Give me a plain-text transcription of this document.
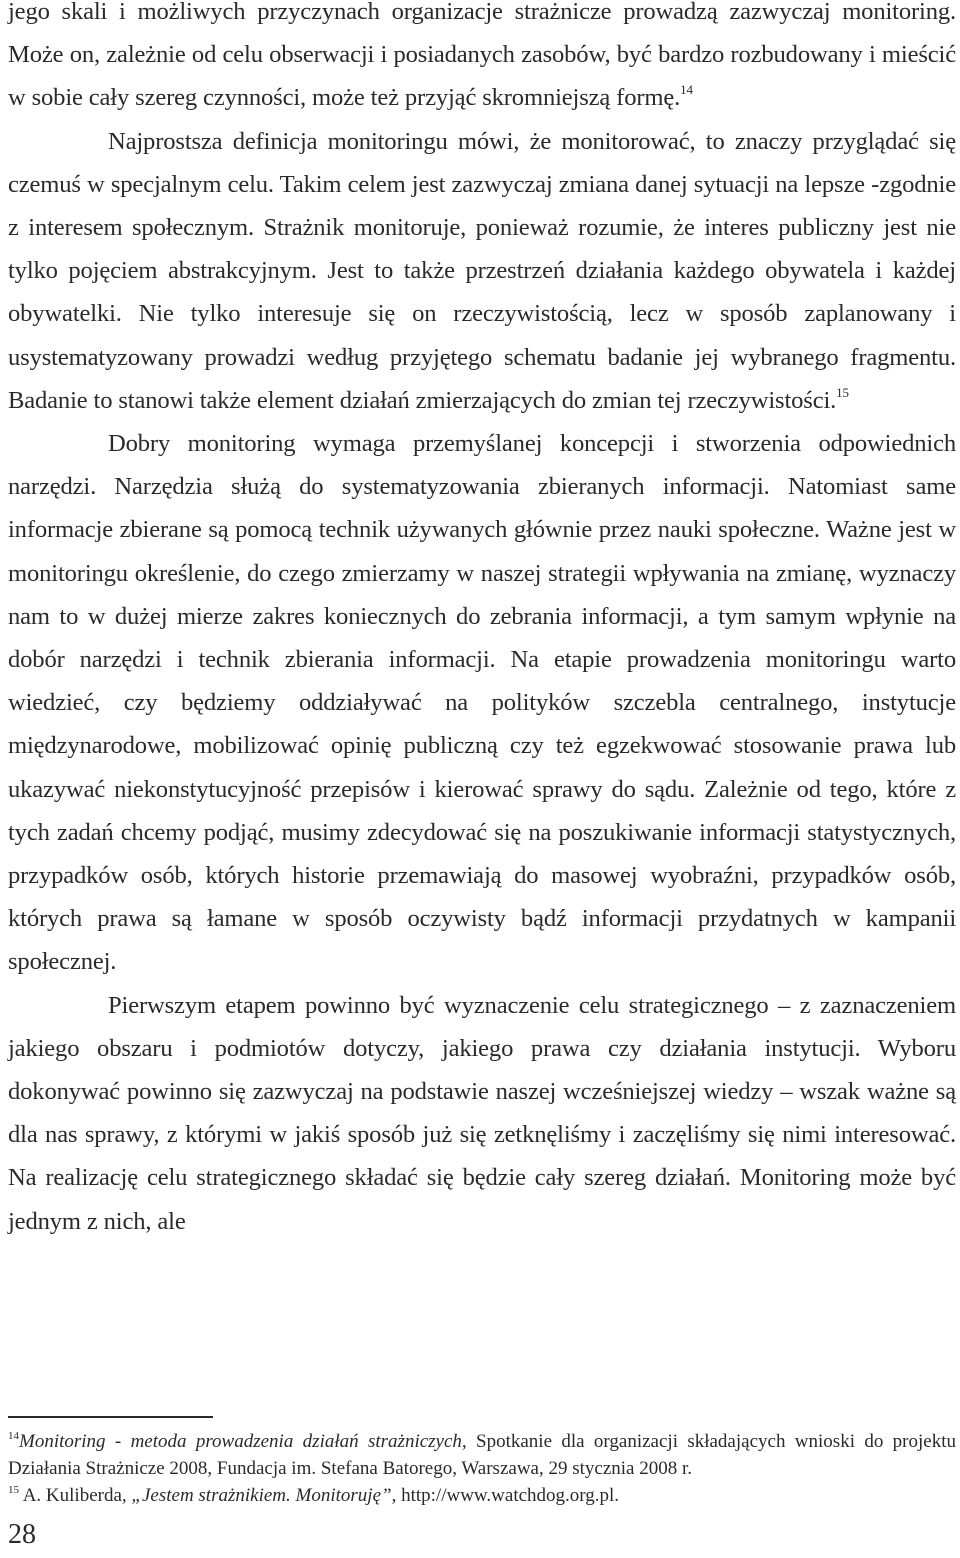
jego skali i możliwych przyczynach organizacje strażnicze prowadzą zazwyczaj monitoring. Może on, zależnie od celu obserwacji i posiadanych zasobów, być bardzo rozbudowany i mieścić w sobie cały szereg czynności, może też przyjąć skromniejszą formę.$^{14}$

Najprostsza definicja monitoringu mówi, że monitorować, to znaczy przyglądać się czemuś w specjalnym celu. Takim celem jest zazwyczaj zmiana danej sytuacji na lepsze -zgodnie z interesem społecznym. Strażnik monitoruje, ponieważ rozumie, że interes publiczny jest nie tylko pojęciem abstrakcyjnym. Jest to także przestrzeń działania każdego obywatela i każdej obywatelki. Nie tylko interesuje się on rzeczywistością, lecz w sposób zaplanowany i usystematyzowany prowadzi według przyjętego schematu badanie jej wybranego fragmentu. Badanie to stanowi także element działań zmierzających do zmian tej rzeczywistości.$^{15}$

Dobry monitoring wymaga przemyślanej koncepcji i stworzenia odpowiednich narzędzi. Narzędzia służą do systematyzowania zbieranych informacji. Natomiast same informacje zbierane są pomocą technik używanych głównie przez nauki społeczne. Ważne jest w monitoringu określenie, do czego zmierzamy w naszej strategii wpływania na zmianę, wyznaczy nam to w dużej mierze zakres koniecznych do zebrania informacji, a tym samym wpłynie na dobór narzędzi i technik zbierania informacji. Na etapie prowadzenia monitoringu warto wiedzieć, czy będziemy oddziaływać na polityków szczebla centralnego, instytucje międzynarodowe, mobilizować opinię publiczną czy też egzekwować stosowanie prawa lub ukazywać niekonstytucyjność przepisów i kierować sprawy do sądu. Zależnie od tego, które z tych zadań chcemy podjąć, musimy zdecydować się na poszukiwanie informacji statystycznych, przypadków osób, których historie przemawiają do masowej wyobraźni, przypadków osób, których prawa są łamane w sposób oczywisty bądź informacji przydatnych w kampanii społecznej.

Pierwszym etapem powinno być wyznaczenie celu strategicznego – z zaznaczeniem jakiego obszaru i podmiotów dotyczy, jakiego prawa czy działania instytucji. Wyboru dokonywać powinno się zazwyczaj na podstawie naszej wcześniejszej wiedzy – wszak ważne są dla nas sprawy, z którymi w jakiś sposób już się zetknęliśmy i zaczęliśmy się nimi interesować. Na realizację celu strategicznego składać się będzie cały szereg działań. Monitoring może być jednym z nich, ale

$^{14}$Monitoring - metoda prowadzenia działań strażniczych, Spotkanie dla organizacji składających wnioski do projektu Działania Strażnicze 2008, Fundacja im. Stefana Batorego, Warszawa, 29 stycznia 2008 r.

$^{15}$ A. Kuliberda, „Jestem strażnikiem. Monitoruję”, http://www.watchdog.org.pl.

28
